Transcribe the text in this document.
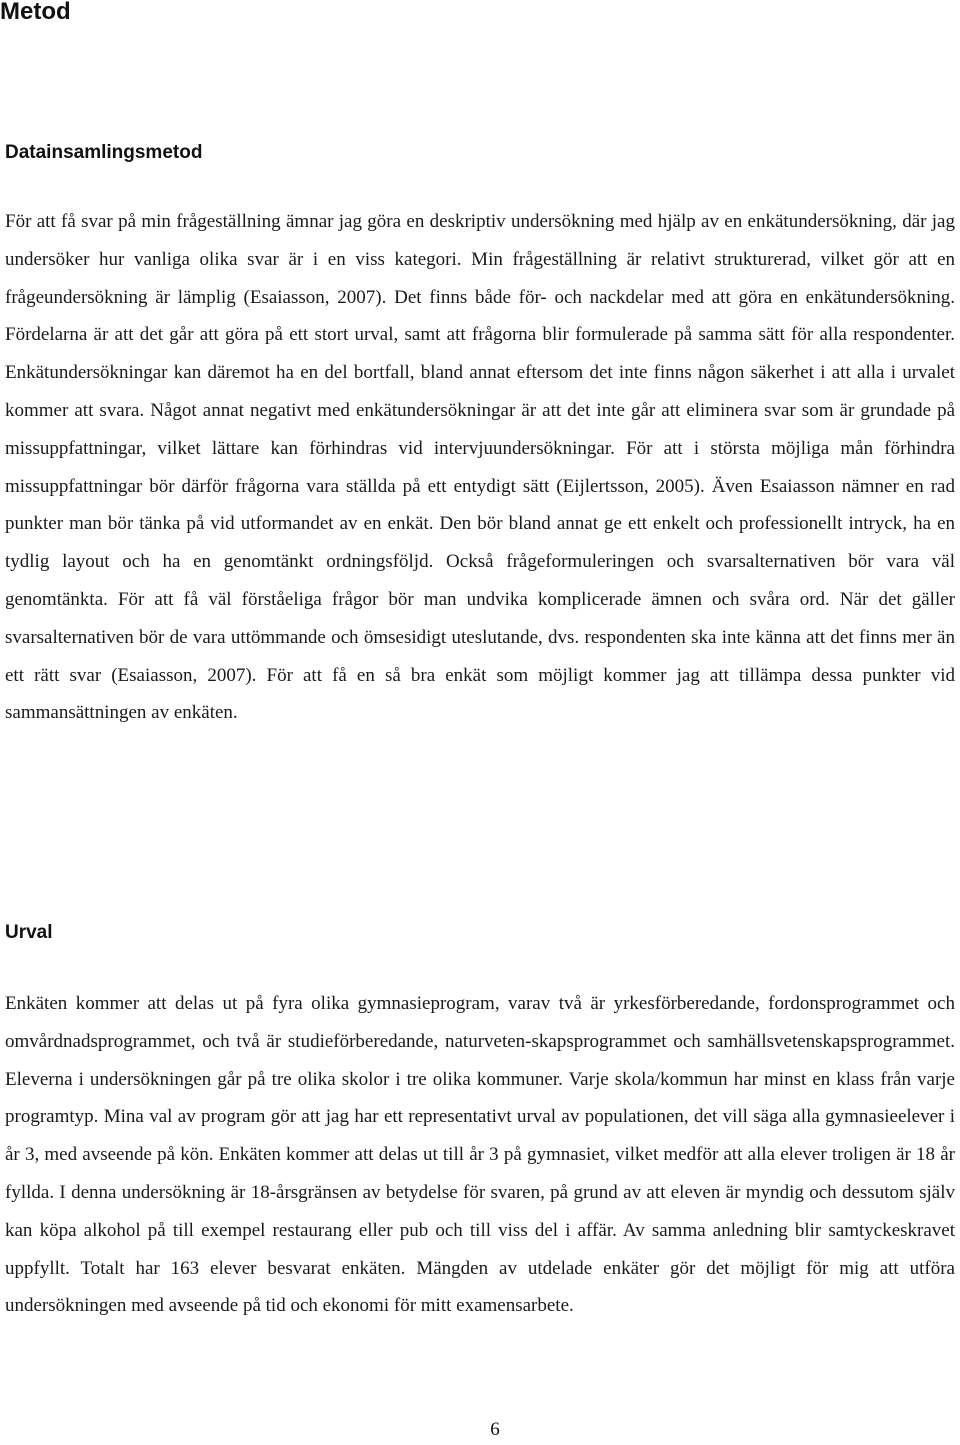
Metod
Datainsamlingsmetod

För att få svar på min frågeställning ämnar jag göra en deskriptiv undersökning med hjälp av en enkätundersökning, där jag undersöker hur vanliga olika svar är i en viss kategori. Min frågeställning är relativt strukturerad, vilket gör att en frågeundersökning är lämplig (Esaiasson, 2007). Det finns både för- och nackdelar med att göra en enkätundersökning. Fördelarna är att det går att göra på ett stort urval, samt att frågorna blir formulerade på samma sätt för alla respondenter. Enkätundersökningar kan däremot ha en del bortfall, bland annat eftersom det inte finns någon säkerhet i att alla i urvalet kommer att svara. Något annat negativt med enkätundersökningar är att det inte går att eliminera svar som är grundade på missuppfattningar, vilket lättare kan förhindras vid intervjuundersökningar. För att i största möjliga mån förhindra missuppfattningar bör därför frågorna vara ställda på ett entydigt sätt (Eijlertsson, 2005). Även Esaiasson nämner en rad punkter man bör tänka på vid utformandet av en enkät. Den bör bland annat ge ett enkelt och professionellt intryck, ha en tydlig layout och ha en genomtänkt ordningsföljd. Också frågeformuleringen och svarsalternativen bör vara väl genomtänkta. För att få väl förståeliga frågor bör man undvika komplicerade ämnen och svåra ord. När det gäller svarsalternativen bör de vara uttömmande och ömsesidigt uteslutande, dvs. respondenten ska inte känna att det finns mer än ett rätt svar (Esaiasson, 2007). För att få en så bra enkät som möjligt kommer jag att tillämpa dessa punkter vid sammansättningen av enkäten.

Urval

Enkäten kommer att delas ut på fyra olika gymnasieprogram, varav två är yrkesförberedande, fordonsprogrammet och omvårdnadsprogrammet, och två är studieförberedande, naturveten-skapsprogrammet och samhällsvetenskapsprogrammet. Eleverna i undersökningen går på tre olika skolor i tre olika kommuner. Varje skola/kommun har minst en klass från varje programtyp. Mina val av program gör att jag har ett representativt urval av populationen, det vill säga alla gymnasieelever i år 3, med avseende på kön. Enkäten kommer att delas ut till år 3 på gymnasiet, vilket medför att alla elever troligen är 18 år fyllda. I denna undersökning är 18-årsgränsen av betydelse för svaren, på grund av att eleven är myndig och dessutom själv kan köpa alkohol på till exempel restaurang eller pub och till viss del i affär. Av samma anledning blir samtyckeskravet uppfyllt. Totalt har 163 elever besvarat enkäten. Mängden av utdelade enkäter gör det möjligt för mig att utföra undersökningen med avseende på tid och ekonomi för mitt examensarbete.

6
